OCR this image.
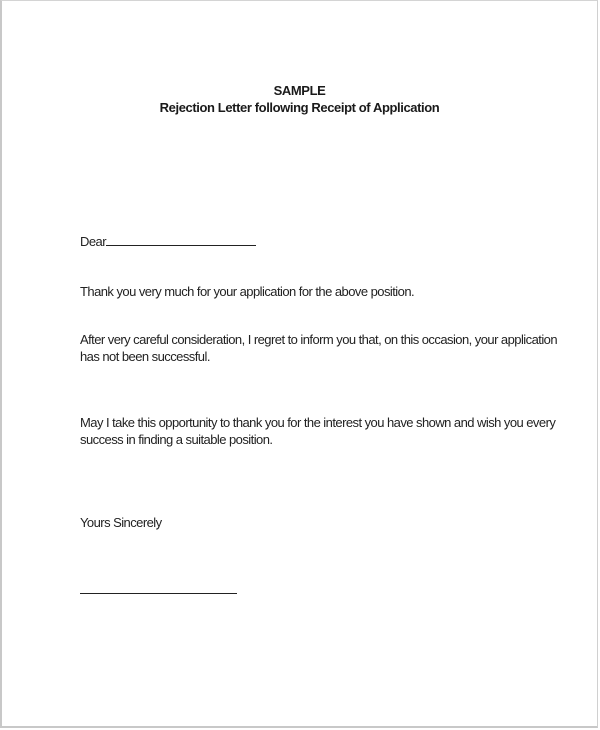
SAMPLE
Rejection Letter following Receipt of Application
Dear
Thank you very much for your application for the above position.
After very careful consideration, I regret to inform you that, on this occasion, your application
has not been successful.
May I take this opportunity to thank you for the interest you have shown and wish you every
success in finding a suitable position.
Yours Sincerely
